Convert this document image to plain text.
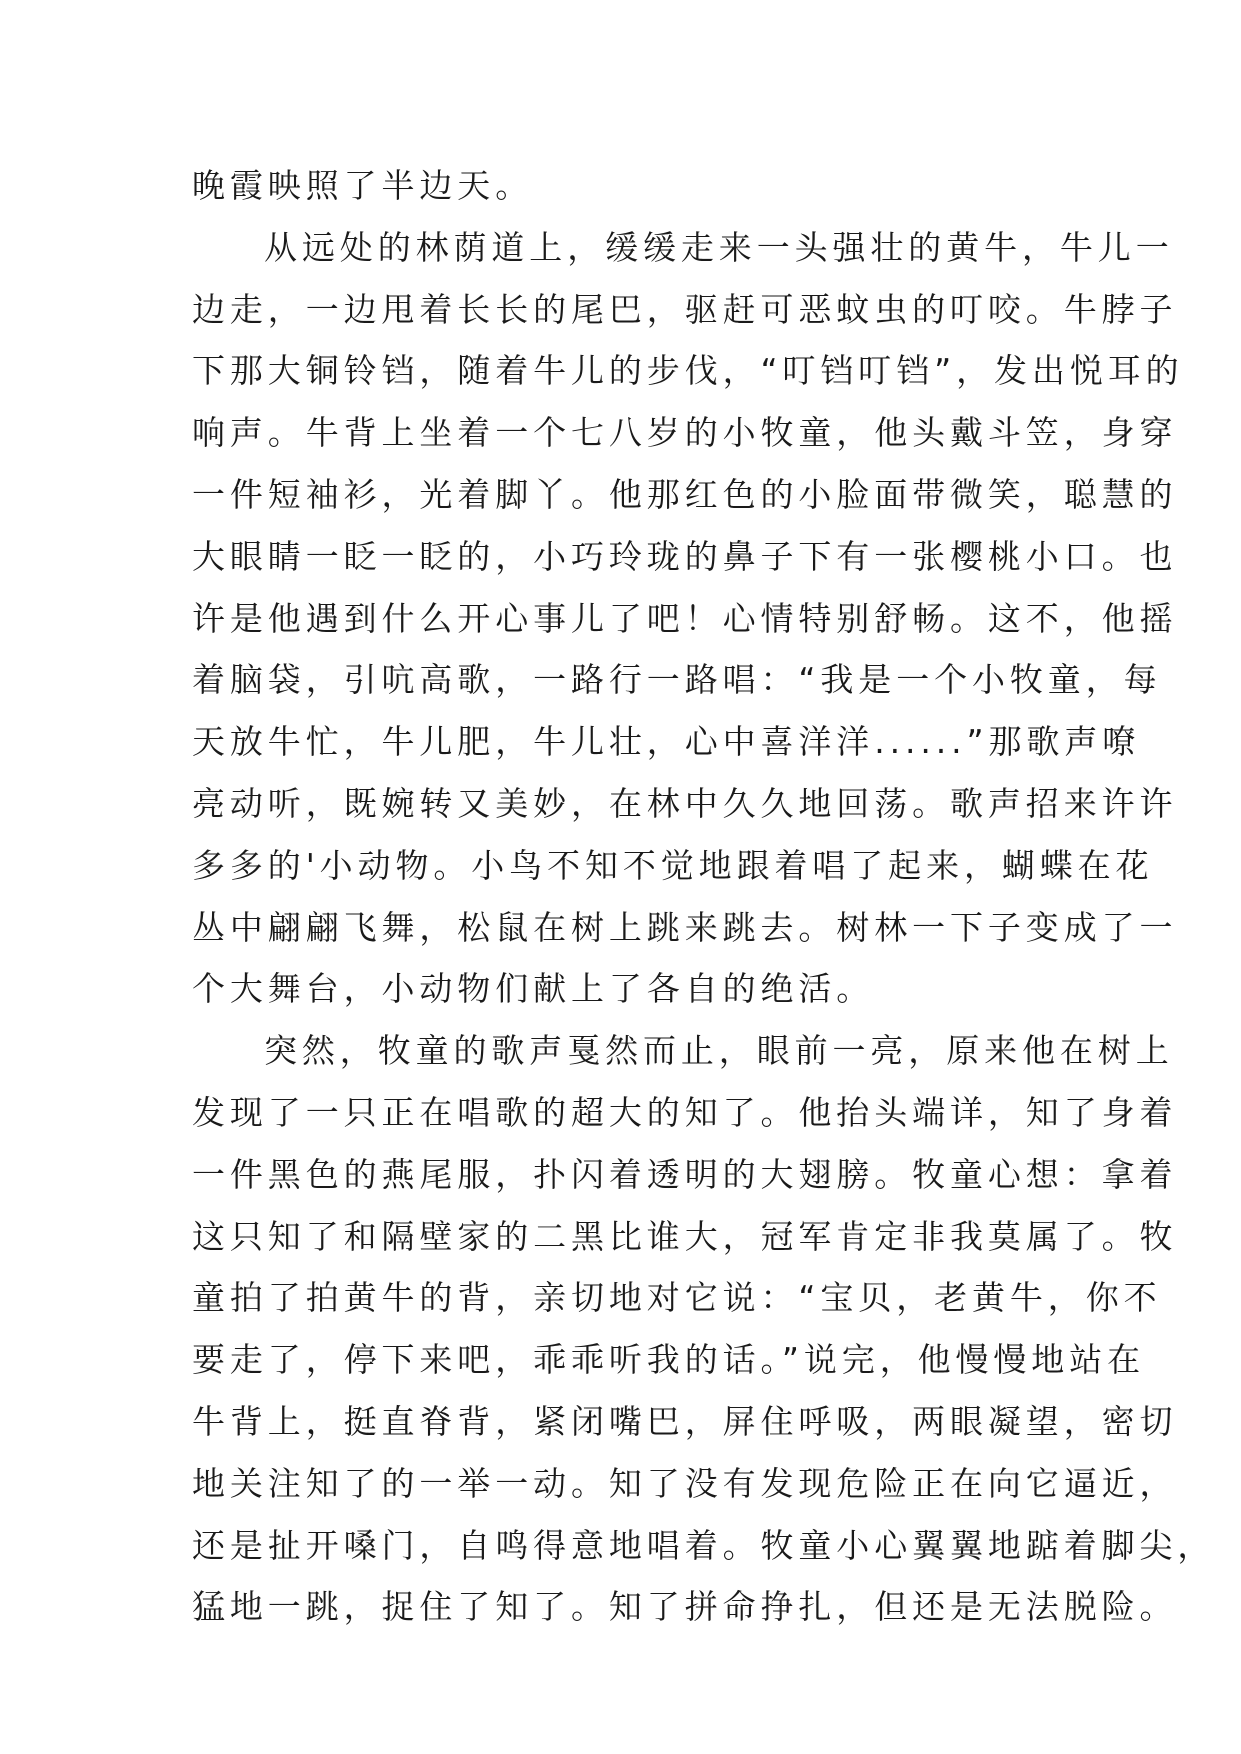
晚霞映照了半边天。
从远处的林荫道上，缓缓走来一头强壮的黄牛，牛儿一
边走，一边甩着长长的尾巴，驱赶可恶蚊虫的叮咬。牛脖子
下那大铜铃铛，随着牛儿的步伐，“叮铛叮铛”，发出悦耳的
响声。牛背上坐着一个七八岁的小牧童，他头戴斗笠，身穿
一件短袖衫，光着脚丫。他那红色的小脸面带微笑，聪慧的
大眼睛一眨一眨的，小巧玲珑的鼻子下有一张樱桃小口。也
许是他遇到什么开心事儿了吧！心情特别舒畅。这不，他摇
着脑袋，引吭高歌，一路行一路唱：“我是一个小牧童，每
天放牛忙，牛儿肥，牛儿壮，心中喜洋洋......”那歌声嘹
亮动听，既婉转又美妙，在林中久久地回荡。歌声招来许许
多多的'小动物。小鸟不知不觉地跟着唱了起来，蝴蝶在花
丛中翩翩飞舞，松鼠在树上跳来跳去。树林一下子变成了一
个大舞台，小动物们献上了各自的绝活。
突然，牧童的歌声戛然而止，眼前一亮，原来他在树上
发现了一只正在唱歌的超大的知了。他抬头端详，知了身着
一件黑色的燕尾服，扑闪着透明的大翅膀。牧童心想：拿着
这只知了和隔壁家的二黑比谁大，冠军肯定非我莫属了。牧
童拍了拍黄牛的背，亲切地对它说：“宝贝，老黄牛，你不
要走了，停下来吧，乖乖听我的话。”说完，他慢慢地站在
牛背上，挺直脊背，紧闭嘴巴，屏住呼吸，两眼凝望，密切
地关注知了的一举一动。知了没有发现危险正在向它逼近，
还是扯开嗓门，自鸣得意地唱着。牧童小心翼翼地踮着脚尖，
猛地一跳，捉住了知了。知了拼命挣扎，但还是无法脱险。
